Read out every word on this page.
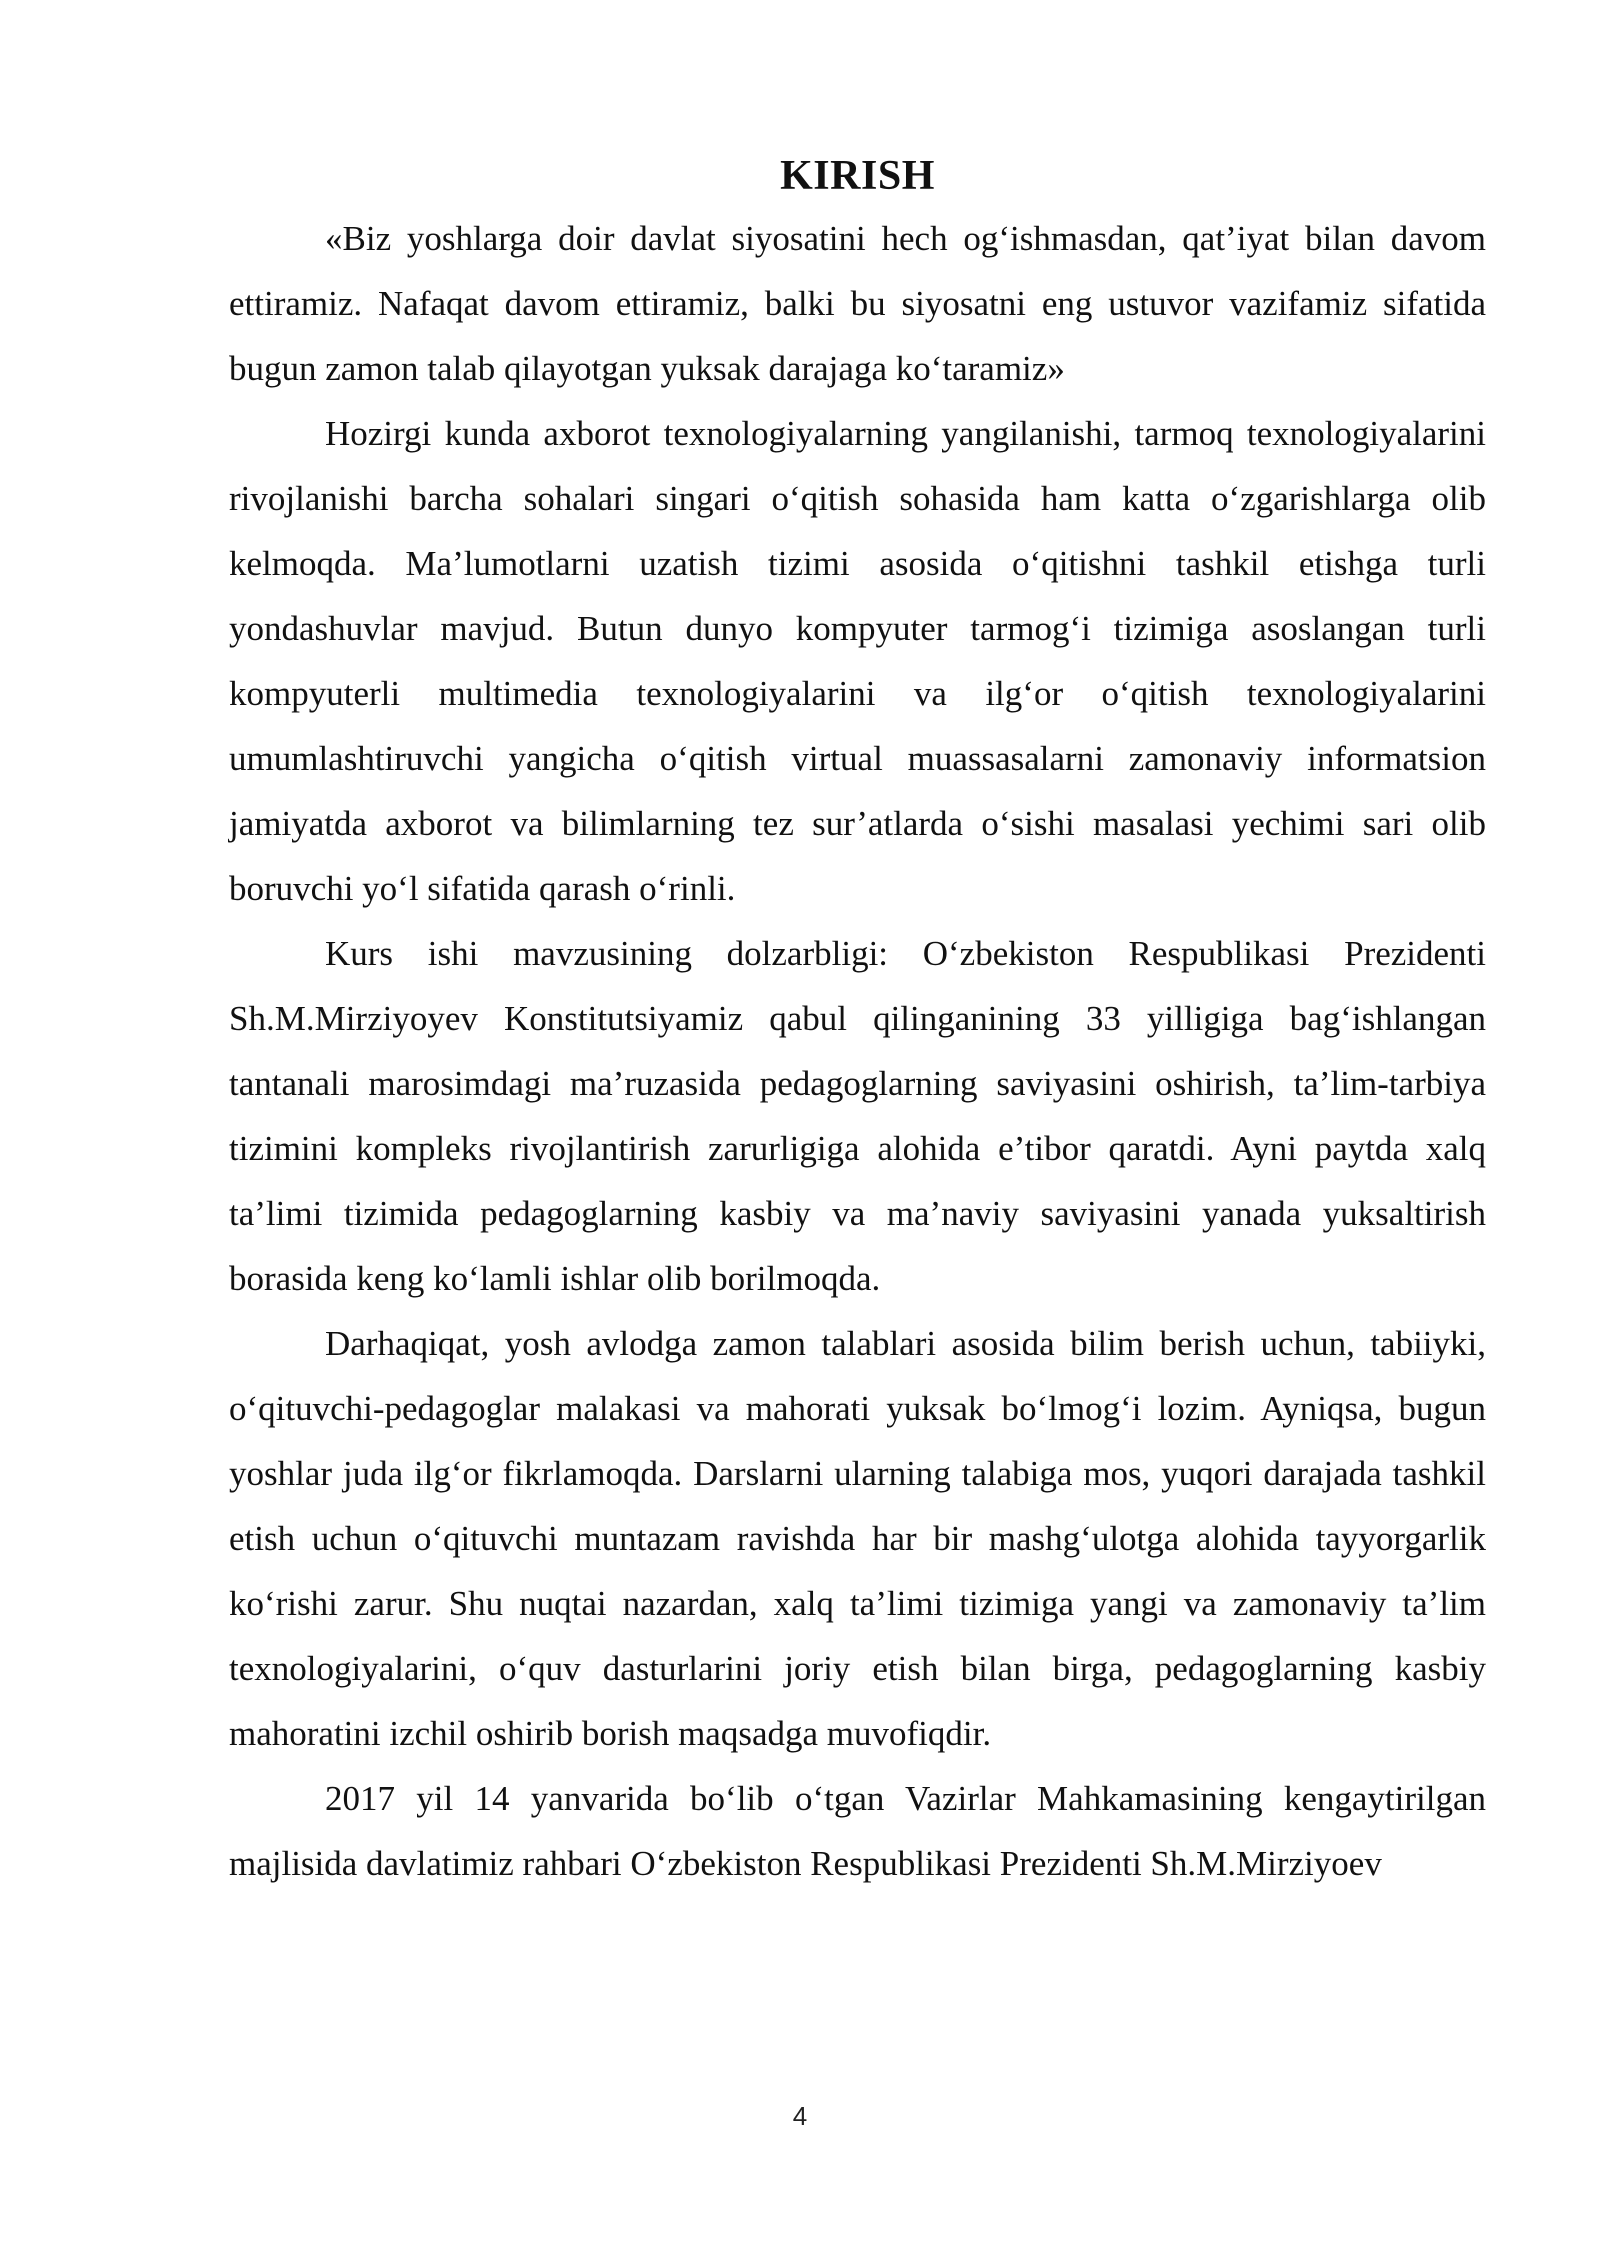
KIRISH

«Biz yoshlarga doir davlat siyosatini hech og‘ishmasdan, qat’iyat bilan davom ettiramiz. Nafaqat davom ettiramiz, balki bu siyosatni eng ustuvor vazifamiz sifatida bugun zamon talab qilayotgan yuksak darajaga ko‘taramiz»

Hozirgi kunda axborot texnologiyalarning yangilanishi, tarmoq texnologiyalarini rivojlanishi barcha sohalari singari o‘qitish sohasida ham katta o‘zgarishlarga olib kelmoqda. Ma’lumotlarni uzatish tizimi asosida o‘qitishni tashkil etishga turli yondashuvlar mavjud. Butun dunyo kompyuter tarmog‘i tizimiga asoslangan turli kompyuterli multimedia texnologiyalarini va ilg‘or o‘qitish texnologiyalarini umumlashtiruvchi yangicha o‘qitish virtual muassasalarni zamonaviy informatsion jamiyatda axborot va bilimlarning tez sur’atlarda o‘sishi masalasi yechimi sari olib boruvchi yo‘l sifatida qarash o‘rinli.

Kurs ishi mavzusining dolzarbligi: O‘zbekiston Respublikasi Prezidenti Sh.M.Mirziyoyev Konstitutsiyamiz qabul qilinganining 33 yilligiga bag‘ishlangan tantanali marosimdagi ma’ruzasida pedagoglarning saviyasini oshirish, ta’lim-tarbiya tizimini kompleks rivojlantirish zarurligiga alohida e’tibor qaratdi. Ayni paytda xalq ta’limi tizimida pedagoglarning kasbiy va ma’naviy saviyasini yanada yuksaltirish borasida keng ko‘lamli ishlar olib borilmoqda.

Darhaqiqat, yosh avlodga zamon talablari asosida bilim berish uchun, tabiiyki, o‘qituvchi-pedagoglar malakasi va mahorati yuksak bo‘lmog‘i lozim. Ayniqsa, bugun yoshlar juda ilg‘or fikrlamoqda. Darslarni ularning talabiga mos, yuqori darajada tashkil etish uchun o‘qituvchi muntazam ravishda har bir mashg‘ulotga alohida tayyorgarlik ko‘rishi zarur. Shu nuqtai nazardan, xalq ta’limi tizimiga yangi va zamonaviy ta’lim texnologiyalarini, o‘quv dasturlarini joriy etish bilan birga, pedagoglarning kasbiy mahoratini izchil oshirib borish maqsadga muvofiqdir.

2017 yil 14 yanvarida bo‘lib o‘tgan Vazirlar Mahkamasining kengaytirilgan majlisida davlatimiz rahbari O‘zbekiston Respublikasi Prezidenti Sh.M.Mirziyoev

4
